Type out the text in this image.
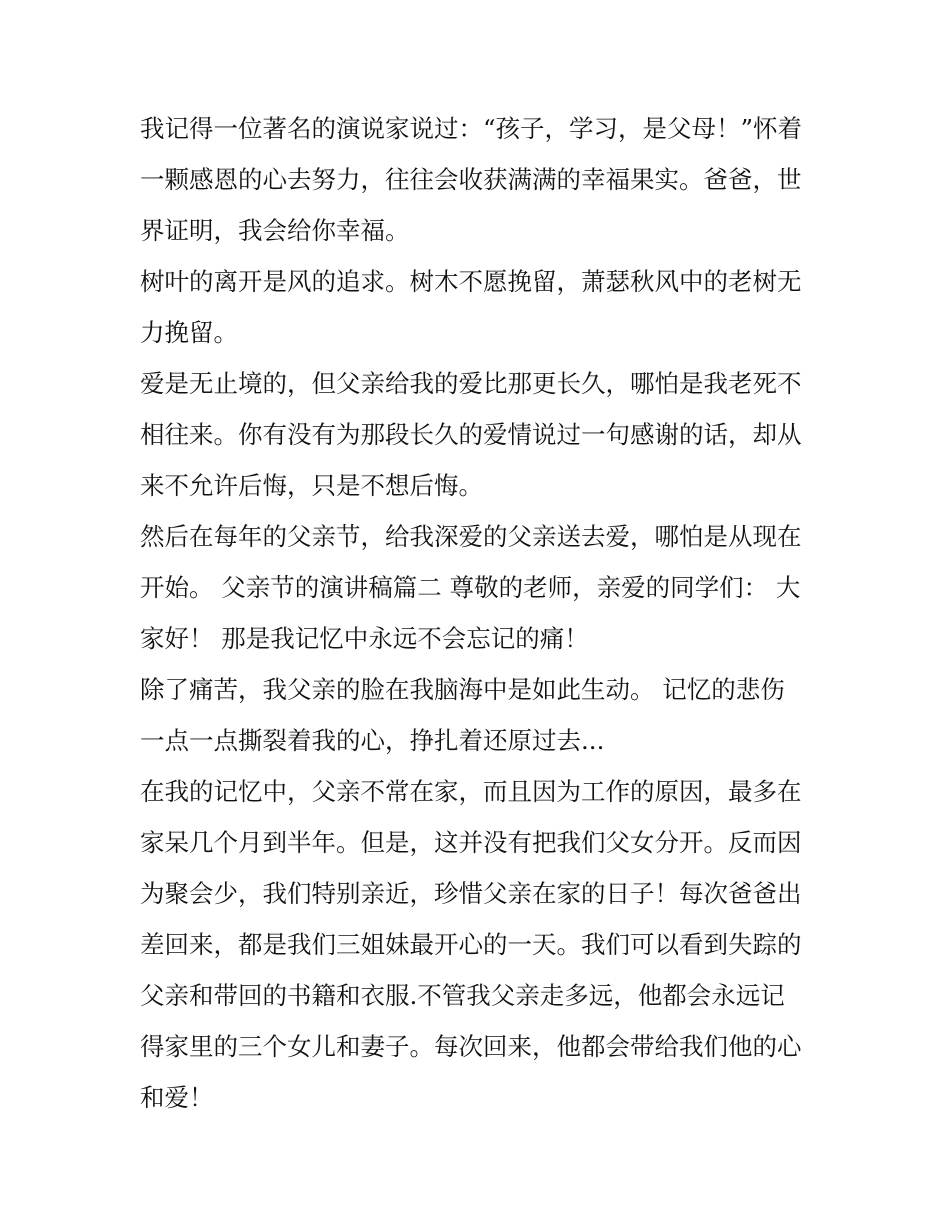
我记得一位著名的演说家说过：“孩子，学习，是父母！”怀着
一颗感恩的心去努力，往往会收获满满的幸福果实。爸爸，世
界证明，我会给你幸福。
树叶的离开是风的追求。树木不愿挽留，萧瑟秋风中的老树无
力挽留。
爱是无止境的，但父亲给我的爱比那更长久，哪怕是我老死不
相往来。你有没有为那段长久的爱情说过一句感谢的话，却从
来不允许后悔，只是不想后悔。
然后在每年的父亲节，给我深爱的父亲送去爱，哪怕是从现在
开始。 父亲节的演讲稿篇二 尊敬的老师，亲爱的同学们： 大
家好！ 那是我记忆中永远不会忘记的痛！
除了痛苦，我父亲的脸在我脑海中是如此生动。 记忆的悲伤
一点一点撕裂着我的心，挣扎着还原过去...
在我的记忆中，父亲不常在家，而且因为工作的原因，最多在
家呆几个月到半年。但是，这并没有把我们父女分开。反而因
为聚会少，我们特别亲近，珍惜父亲在家的日子！每次爸爸出
差回来，都是我们三姐妹最开心的一天。我们可以看到失踪的
父亲和带回的书籍和衣服.不管我父亲走多远，他都会永远记
得家里的三个女儿和妻子。每次回来，他都会带给我们他的心
和爱！
